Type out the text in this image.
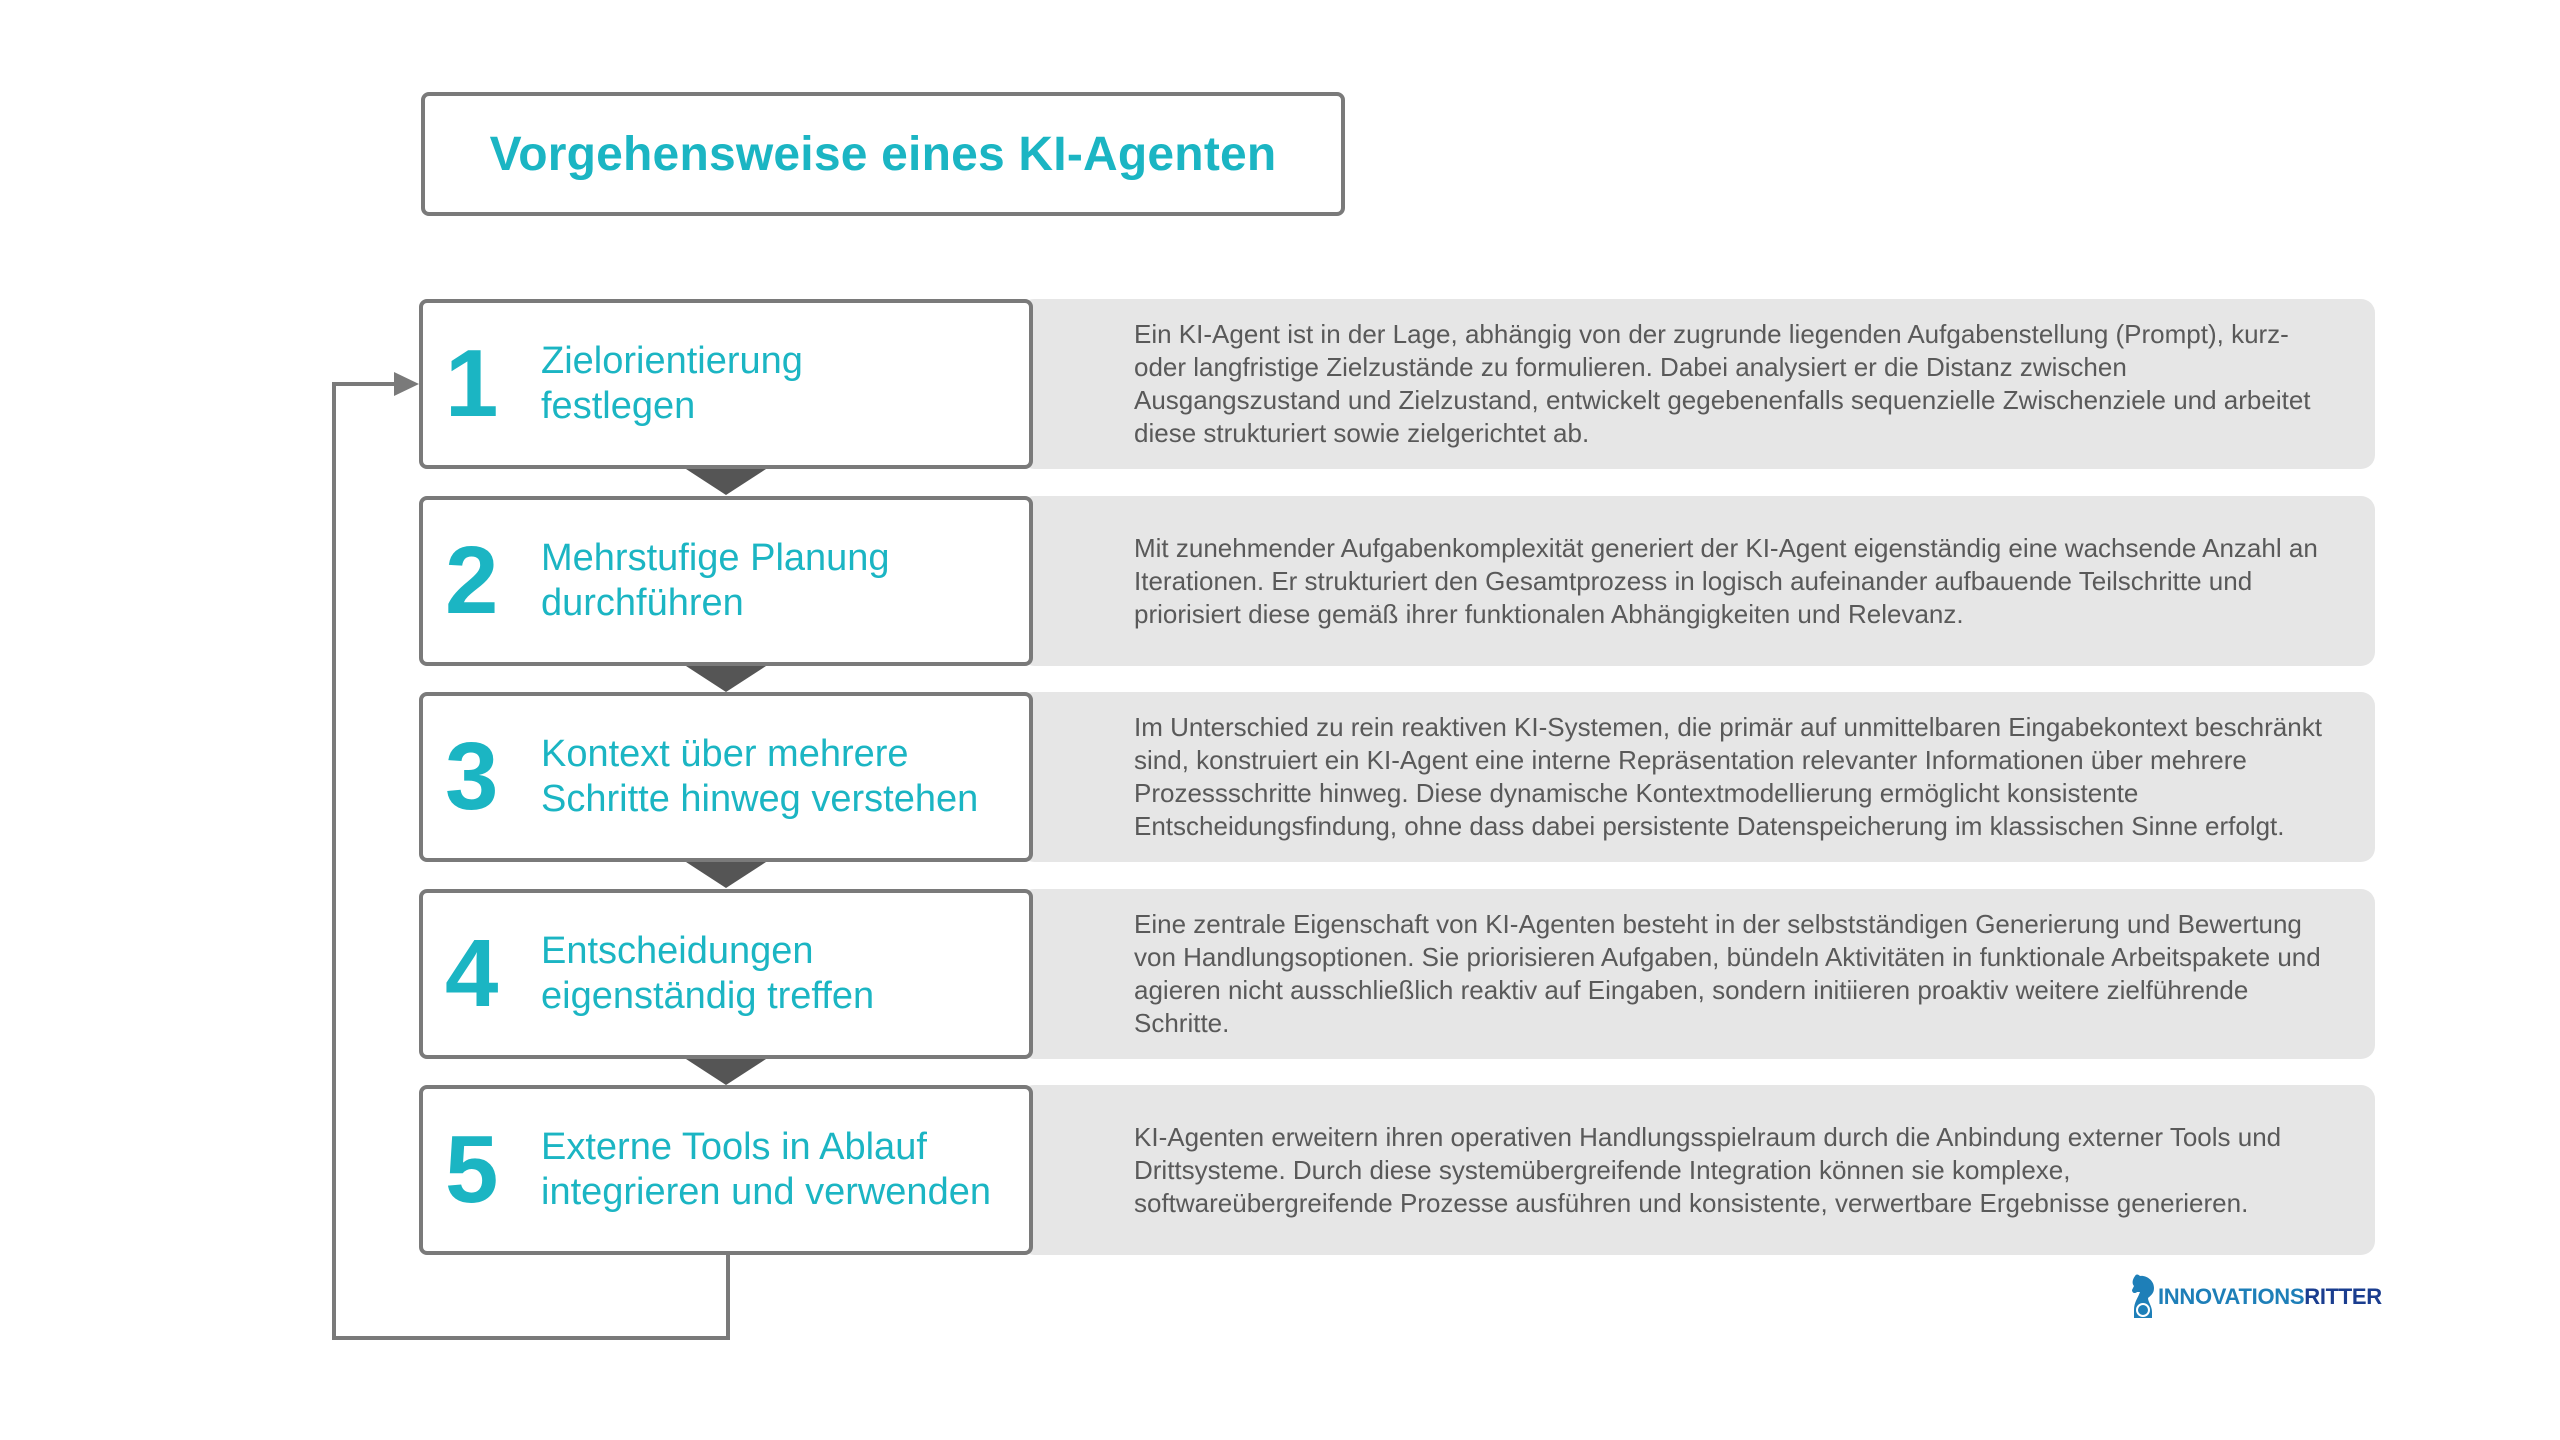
Vorgehensweise eines KI-Agenten
Ein KI-Agent ist in der Lage, abhängig von der zugrunde liegenden Aufgabenstellung (Prompt), kurz- oder langfristige Zielzustände zu formulieren. Dabei analysiert er die Distanz zwischen Ausgangszustand und Zielzustand, entwickelt gegebenenfalls sequenzielle Zwischenziele und arbeitet diese strukturiert sowie zielgerichtet ab.
Mit zunehmender Aufgabenkomplexität generiert der KI-Agent eigenständig eine wachsende Anzahl an Iterationen. Er strukturiert den Gesamtprozess in logisch aufeinander aufbauende Teilschritte und priorisiert diese gemäß ihrer funktionalen Abhängigkeiten und Relevanz.
Im Unterschied zu rein reaktiven KI-Systemen, die primär auf unmittelbaren Eingabekontext beschränkt sind, konstruiert ein KI-Agent eine interne Repräsentation relevanter Informationen über mehrere Prozessschritte hinweg. Diese dynamische Kontextmodellierung ermöglicht konsistente Entscheidungsfindung, ohne dass dabei persistente Datenspeicherung im klassischen Sinne erfolgt.
Eine zentrale Eigenschaft von KI-Agenten besteht in der selbstständigen Generierung und Bewertung von Handlungsoptionen. Sie priorisieren Aufgaben, bündeln Aktivitäten in funktionale Arbeitspakete und agieren nicht ausschließlich reaktiv auf Eingaben, sondern initiieren proaktiv weitere zielführende Schritte.
KI-Agenten erweitern ihren operativen Handlungsspielraum durch die Anbindung externer Tools und Drittsysteme. Durch diese systemübergreifende Integration können sie komplexe, softwareübergreifende Prozesse ausführen und konsistente, verwertbare Ergebnisse generieren.
1 Zielorientierung
festlegen
2 Mehrstufige Planung
durchführen
3 Kontext über mehrere
Schritte hinweg verstehen
4 Entscheidungen
eigenständig treffen
5 Externe Tools in Ablauf
integrieren und verwenden
INNOVATIONSRITTER
